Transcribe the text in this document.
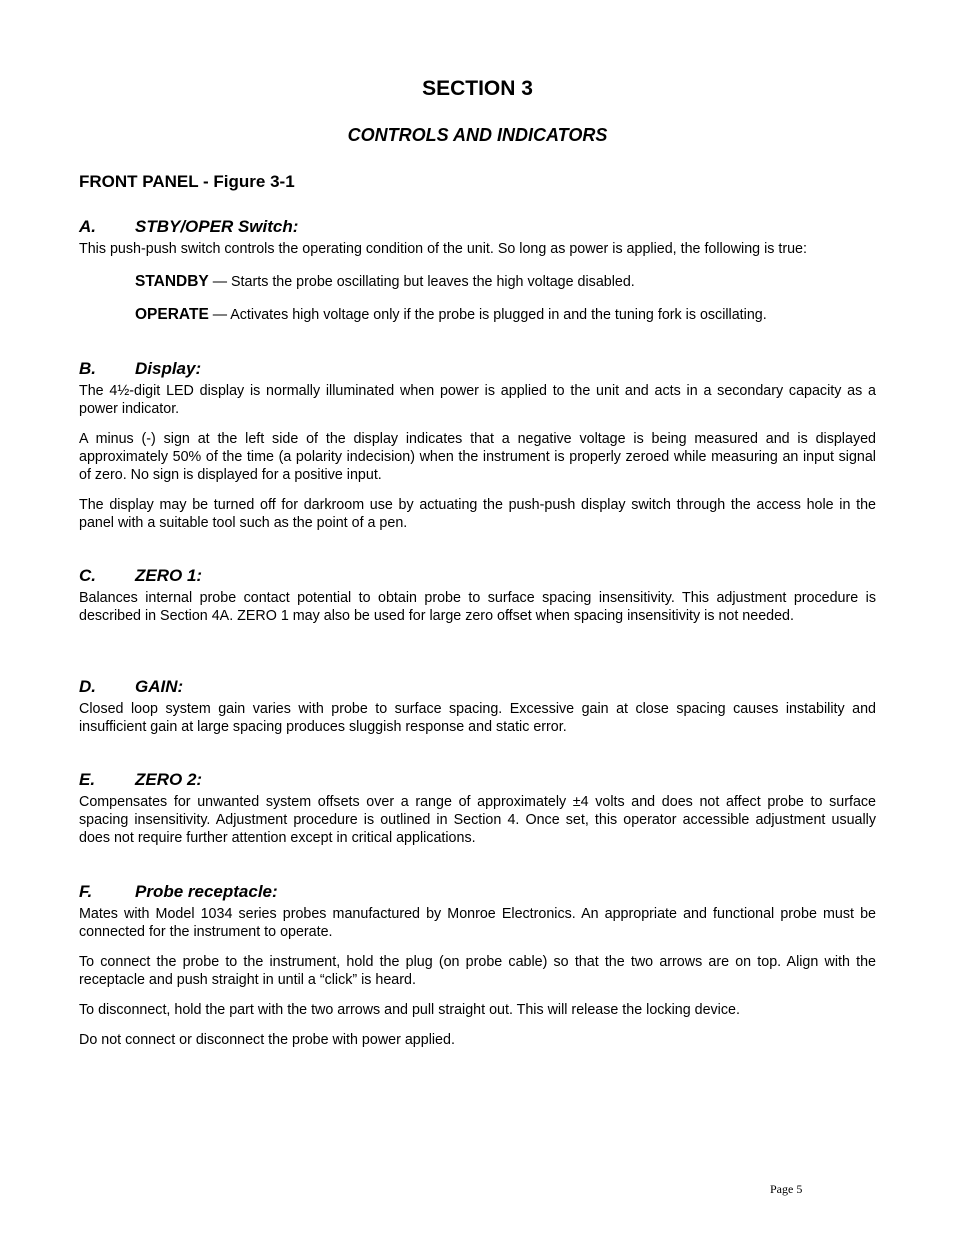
SECTION 3
CONTROLS AND INDICATORS
FRONT PANEL - Figure 3-1
A. STBY/OPER Switch:

This push-push switch controls the operating condition of the unit. So long as power is applied, the following is true:

STANDBY — Starts the probe oscillating but leaves the high voltage disabled.
OPERATE — Activates high voltage only if the probe is plugged in and the tuning fork is oscillating.
B. Display:

The 4½-digit LED display is normally illuminated when power is applied to the unit and acts in a secondary capacity as a power indicator.

A minus (-) sign at the left side of the display indicates that a negative voltage is being measured and is displayed approximately 50% of the time (a polarity indecision) when the instrument is properly zeroed while measuring an input signal of zero. No sign is displayed for a positive input.

The display may be turned off for darkroom use by actuating the push-push display switch through the access hole in the panel with a suitable tool such as the point of a pen.

C. ZERO 1:

Balances internal probe contact potential to obtain probe to surface spacing insensitivity. This adjustment procedure is described in Section 4A. ZERO 1 may also be used for large zero offset when spacing insensitivity is not needed.

D. GAIN:

Closed loop system gain varies with probe to surface spacing. Excessive gain at close spacing causes instability and insufficient gain at large spacing produces sluggish response and static error.

E. ZERO 2:

Compensates for unwanted system offsets over a range of approximately ±4 volts and does not affect probe to surface spacing insensitivity. Adjustment procedure is outlined in Section 4. Once set, this operator accessible adjustment usually does not require further attention except in critical applications.

F.	Probe receptacle:

Mates with Model 1034 series probes manufactured by Monroe Electronics. An appropriate and functional probe must be connected for the instrument to operate.

To connect the probe to the instrument, hold the plug (on probe cable) so that the two arrows are on top. Align with the receptacle and push straight in until a “click” is heard.

To disconnect, hold the part with the two arrows and pull straight out. This will release the locking device.

Do not connect or disconnect the probe with power applied.

Page 5
